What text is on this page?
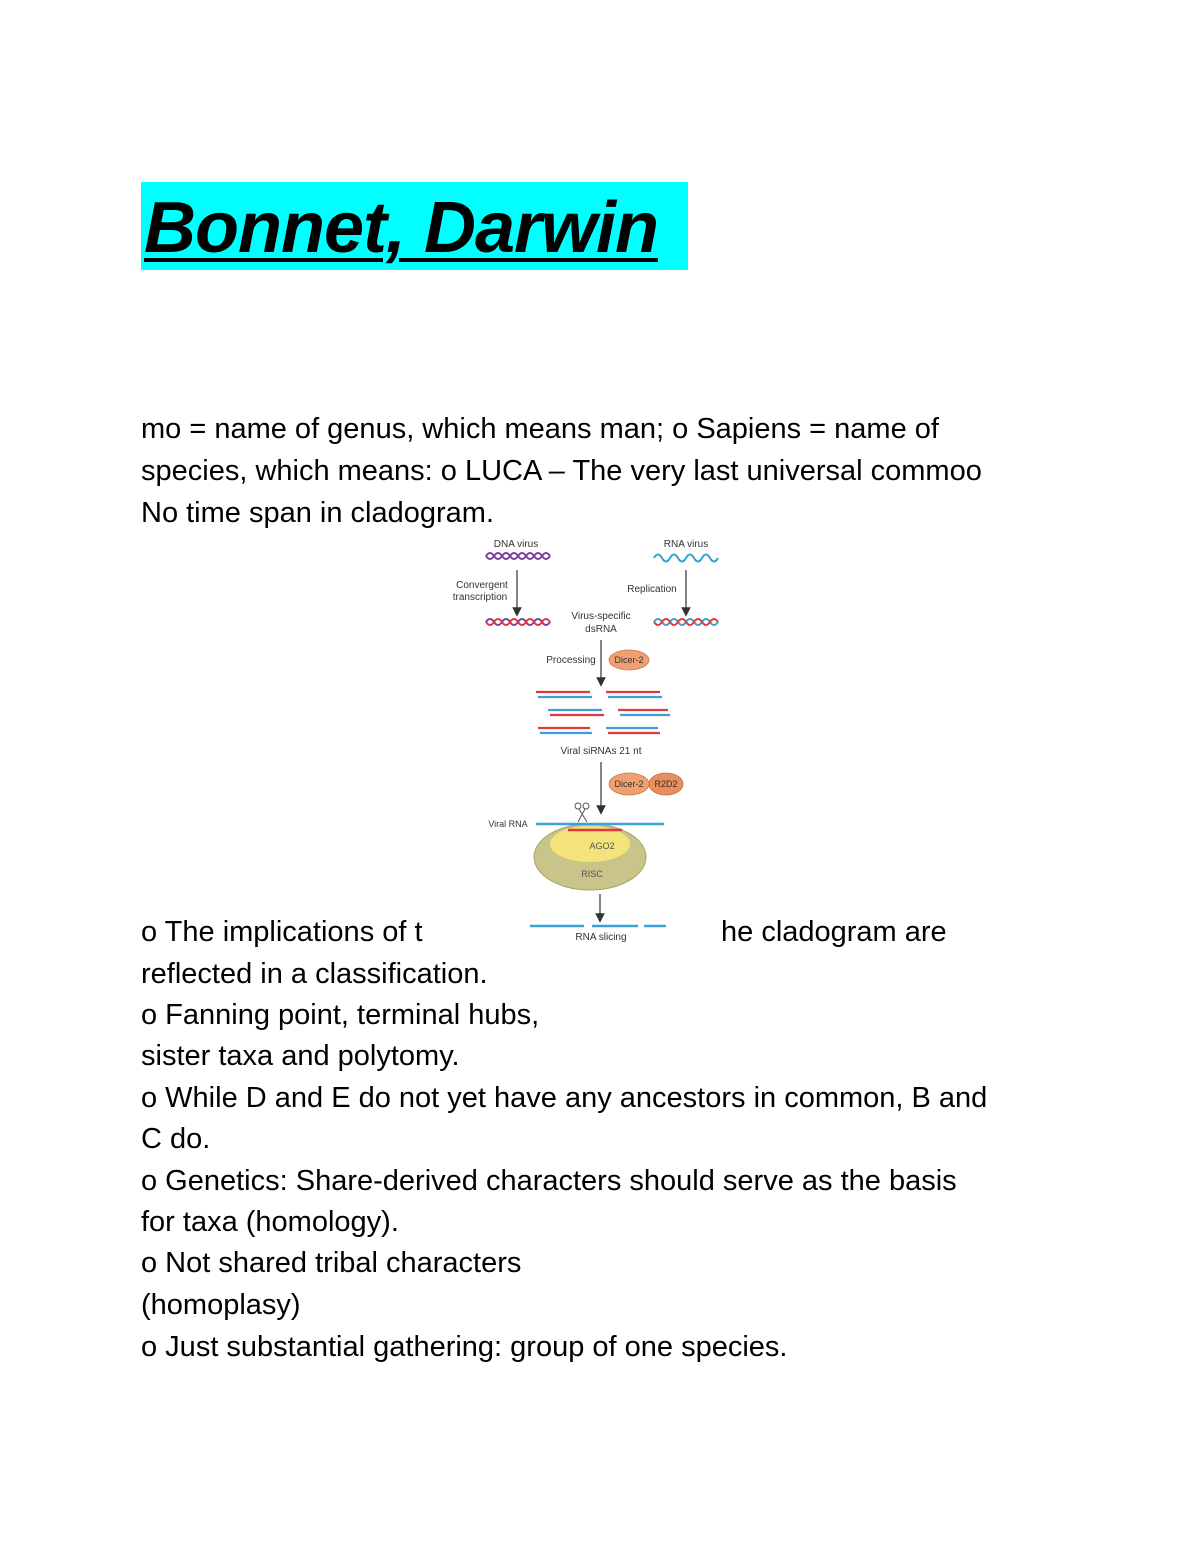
Bonnet, Darwin
mo = name of genus, which means man; o Sapiens = name of
species, which means: o LUCA – The very last universal commoo
No time span in cladogram.
DNA virus	RNA virus
Convergent
transcription
Replication
Virus-specific
dsRNA
Processing Dicer-2
Viral siRNAs 21 nt
Dicer-2 R2D2
AGO2
RISC
Viral RNA
RNA slicing
o The implications of t	he cladogram are
reflected in a classification.
o Fanning point, terminal hubs,
sister taxa and polytomy.
o While D and E do not yet have any ancestors in common, B and
C do.
o Genetics: Share-derived characters should serve as the basis
for taxa (homology).
o Not shared tribal characters
(homoplasy)
o Just substantial gathering: group of one species.
